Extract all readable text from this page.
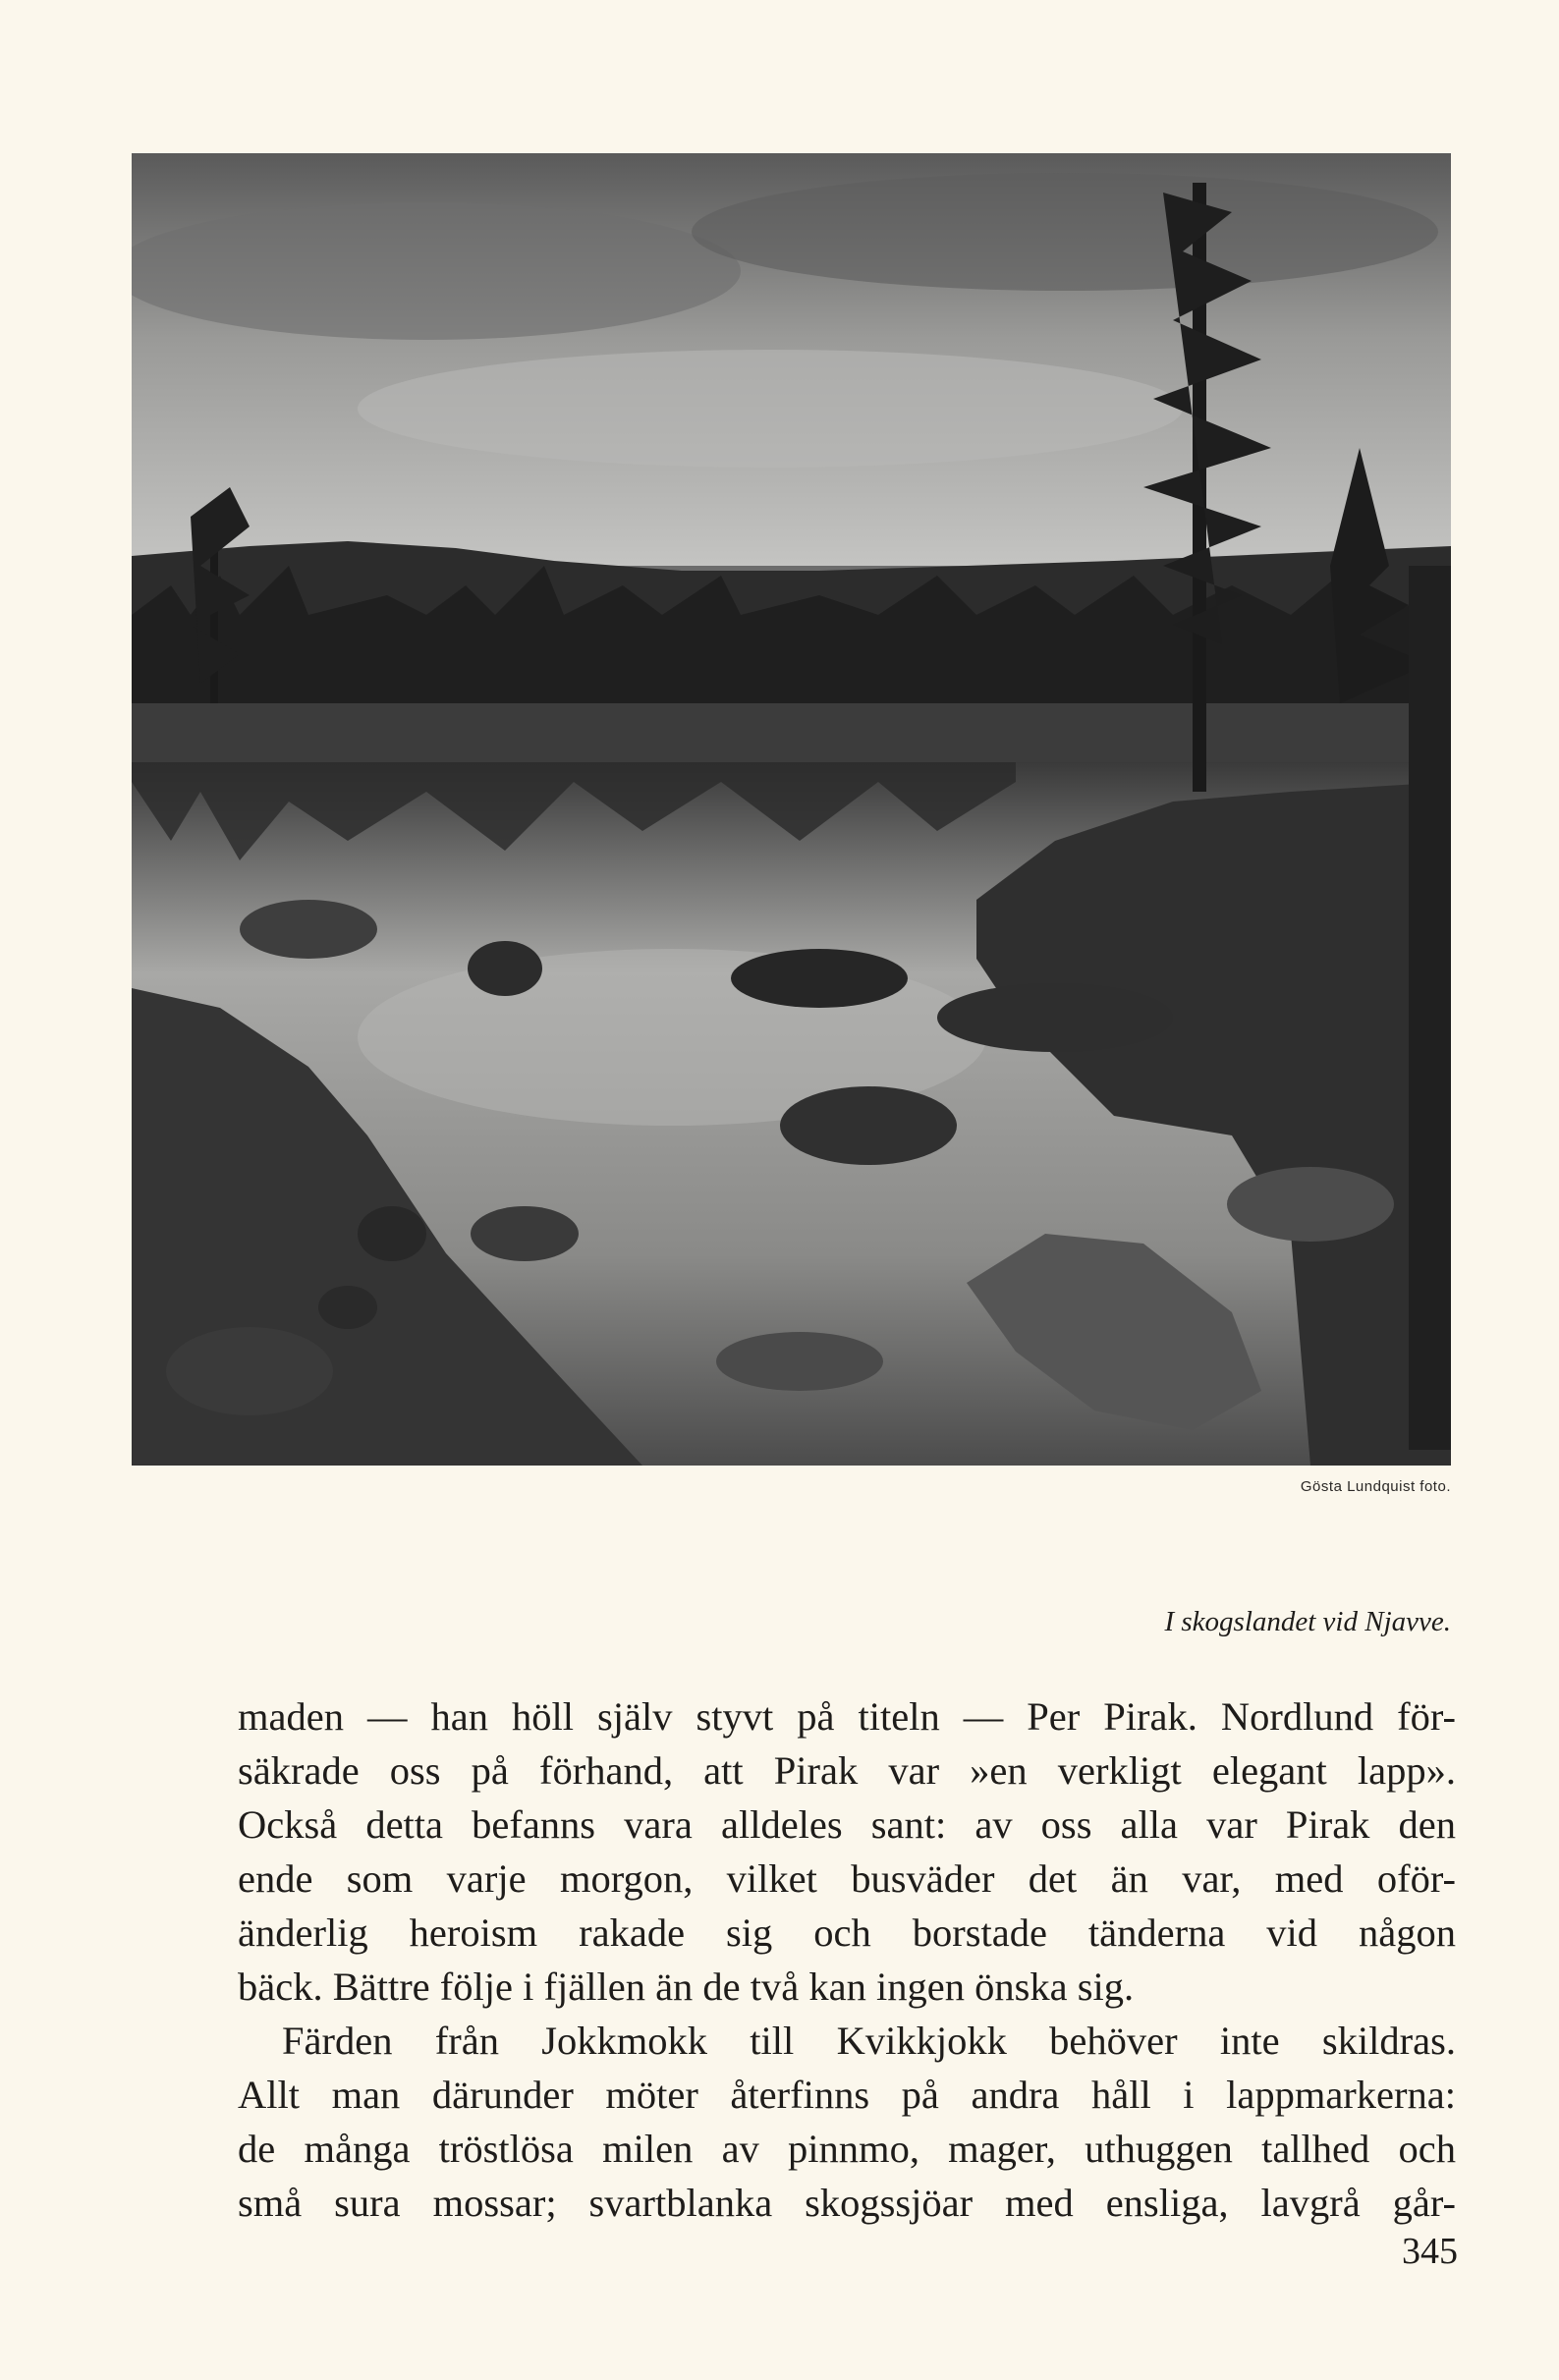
Gösta Lundquist foto.
I skogslandet vid Njavve.
maden — han höll själv styvt på titeln — Per Pirak. Nordlund för-
säkrade oss på förhand, att Pirak var »en verkligt elegant lapp».
Också detta befanns vara alldeles sant: av oss alla var Pirak den
ende som varje morgon, vilket busväder det än var, med oför-
änderlig heroism rakade sig och borstade tänderna vid någon
bäck. Bättre följe i fjällen än de två kan ingen önska sig.
Färden från Jokkmokk till Kvikkjokk behöver inte skildras.
Allt man därunder möter återfinns på andra håll i lappmarkerna:
de många tröstlösa milen av pinnmo, mager, uthuggen tallhed och
små sura mossar; svartblanka skogssjöar med ensliga, lavgrå går-
345
